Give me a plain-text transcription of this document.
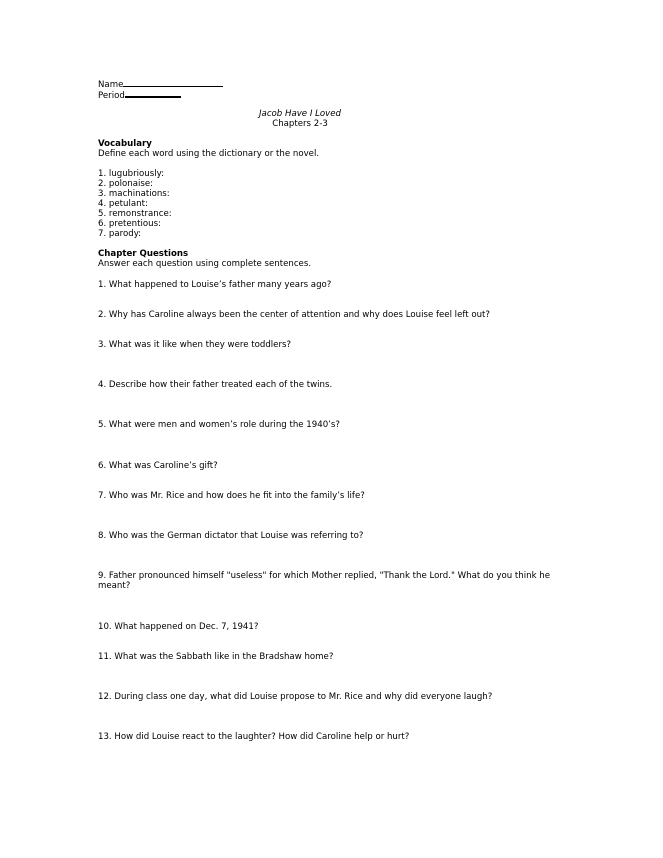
Name
Period
Jacob Have I Loved
Chapters 2-3
Vocabulary
Define each word using the dictionary or the novel.
1. lugubriously:
2. polonaise:
3. machinations:
4. petulant:
5. remonstrance:
6. pretentious:
7. parody:
Chapter Questions
Answer each question using complete sentences.
1. What happened to Louise’s father many years ago?
2. Why has Caroline always been the center of attention and why does Louise feel left out?
3. What was it like when they were toddlers?
4. Describe how their father treated each of the twins.
5. What were men and women’s role during the 1940’s?
6. What was Caroline’s gift?
7. Who was Mr. Rice and how does he fit into the family’s life?
8. Who was the German dictator that Louise was referring to?
9. Father pronounced himself "useless" for which Mother replied, "Thank the Lord." What do you think he meant?
10. What happened on Dec. 7, 1941?
11. What was the Sabbath like in the Bradshaw home?
12. During class one day, what did Louise propose to Mr. Rice and why did everyone laugh?
13. How did Louise react to the laughter? How did Caroline help or hurt?
